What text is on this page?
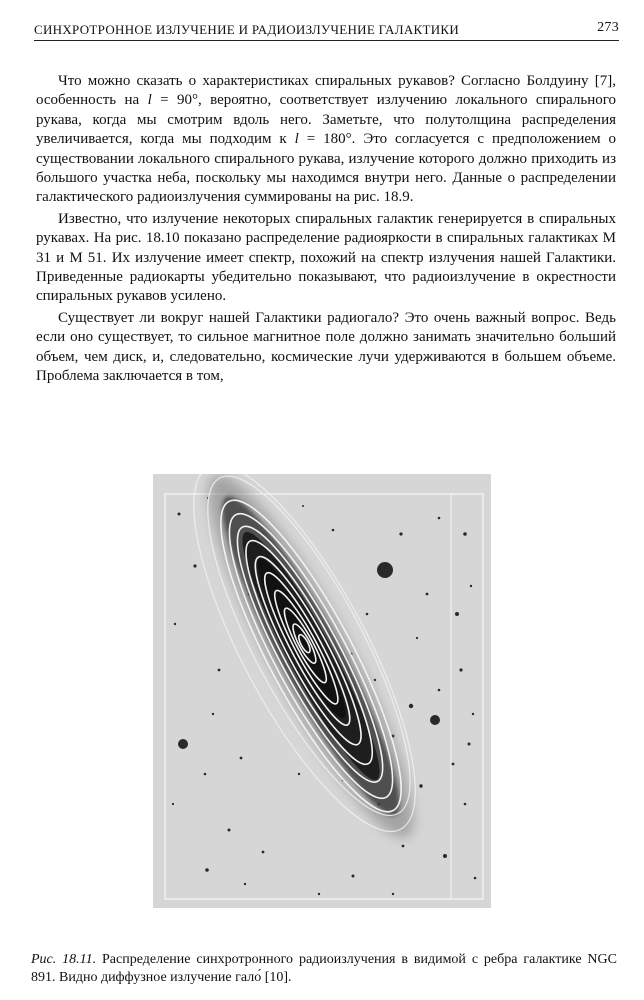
СИНХРОТРОННОЕ ИЗЛУЧЕНИЕ И РАДИОИЗЛУЧЕНИЕ ГАЛАКТИКИ	273

Что можно сказать о характеристиках спиральных рукавов? Согласно Болдуину [7], особенность на l = 90°, вероятно, соответствует излучению локального спирального рукава, когда мы смотрим вдоль него. Заметьте, что полутолщина распределения увеличивается, когда мы подходим к l = 180°. Это согласуется с предположением о существовании локального спирального рукава, излучение которого должно приходить из большого участка неба, поскольку мы находимся внутри него. Данные о распределении галактического радиоизлучения суммированы на рис. 18.9.

Известно, что излучение некоторых спиральных галактик генерируется в спиральных рукавах. На рис. 18.10 показано распределение радиояркости в спиральных галактиках M 31 и M 51. Их излучение имеет спектр, похожий на спектр излучения нашей Галактики. Приведенные радиокарты убедительно показывают, что радиоизлучение в окрестности спиральных рукавов усилено.

Существует ли вокруг нашей Галактики радиогало? Это очень важный вопрос. Ведь если оно существует, то сильное магнитное поле должно занимать значительно больший объем, чем диск, и, следовательно, космические лучи удерживаются в большем объеме. Проблема заключается в том,

Рис. 18.11. Распределение синхротронного радиоизлучения в видимой с ребра галактике NGC 891. Видно диффузное излучение гало́ [10].
